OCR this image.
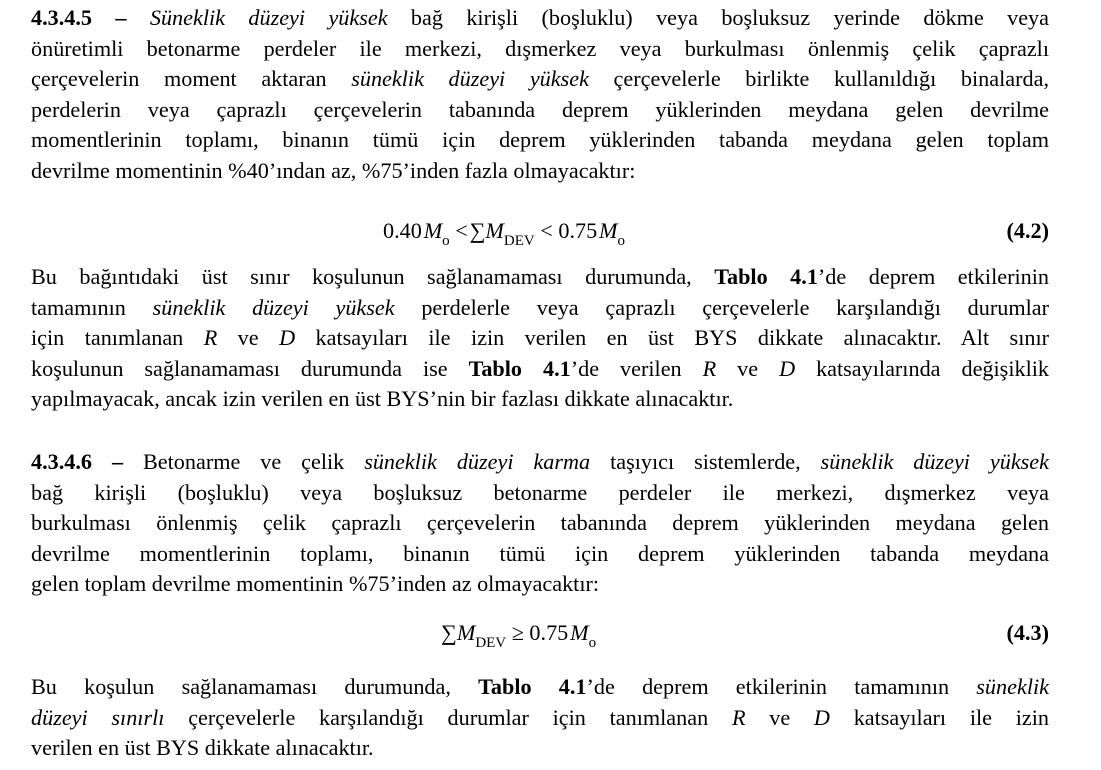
4.3.4.5 – Süneklik düzeyi yüksek bağ kirişli (boşluklu) veya boşluksuz yerinde dökme veya
önüretimli betonarme perdeler ile merkezi, dışmerkez veya burkulması önlenmiş çelik çaprazlı
çerçevelerin moment aktaran süneklik düzeyi yüksek çerçevelerle birlikte kullanıldığı binalarda,
perdelerin veya çaprazlı çerçevelerin tabanında deprem yüklerinden meydana gelen devrilme
momentlerinin toplamı, binanın tümü için deprem yüklerinden tabanda meydana gelen toplam
devrilme momentinin %40’ından az, %75’inden fazla olmayacaktır:
0.40 $M_o$ < $\sum M_{DEV} < 0.75$ $M_o$	(4.2)
Bu bağıntıdaki üst sınır koşulunun sağlanamaması durumunda, Tablo 4.1’de deprem etkilerinin
tamamının süneklik düzeyi yüksek perdelerle veya çaprazlı çerçevelerle karşılandığı durumlar
için tanımlanan R ve D katsayıları ile izin verilen en üst BYS dikkate alınacaktır. Alt sınır
koşulunun sağlanamaması durumunda ise Tablo 4.1’de verilen R ve D katsayılarında değişiklik
yapılmayacak, ancak izin verilen en üst BYS’nin bir fazlası dikkate alınacaktır.
4.3.4.6 – Betonarme ve çelik süneklik düzeyi karma taşıyıcı sistemlerde, süneklik düzeyi yüksek
bağ kirişli (boşluklu) veya boşluksuz betonarme perdeler ile merkezi, dışmerkez veya
burkulması önlenmiş çelik çaprazlı çerçevelerin tabanında deprem yüklerinden meydana gelen
devrilme momentlerinin toplamı, binanın tümü için deprem yüklerinden tabanda meydana
gelen toplam devrilme momentinin %75’inden az olmayacaktır:
$\sum M_{DEV} \ge 0.75$ $M_o$	(4.3)
Bu koşulun sağlanamaması durumunda, Tablo 4.1’de deprem etkilerinin tamamının süneklik
düzeyi sınırlı çerçevelerle karşılandığı durumlar için tanımlanan R ve D katsayıları ile izin
verilen en üst BYS dikkate alınacaktır.
